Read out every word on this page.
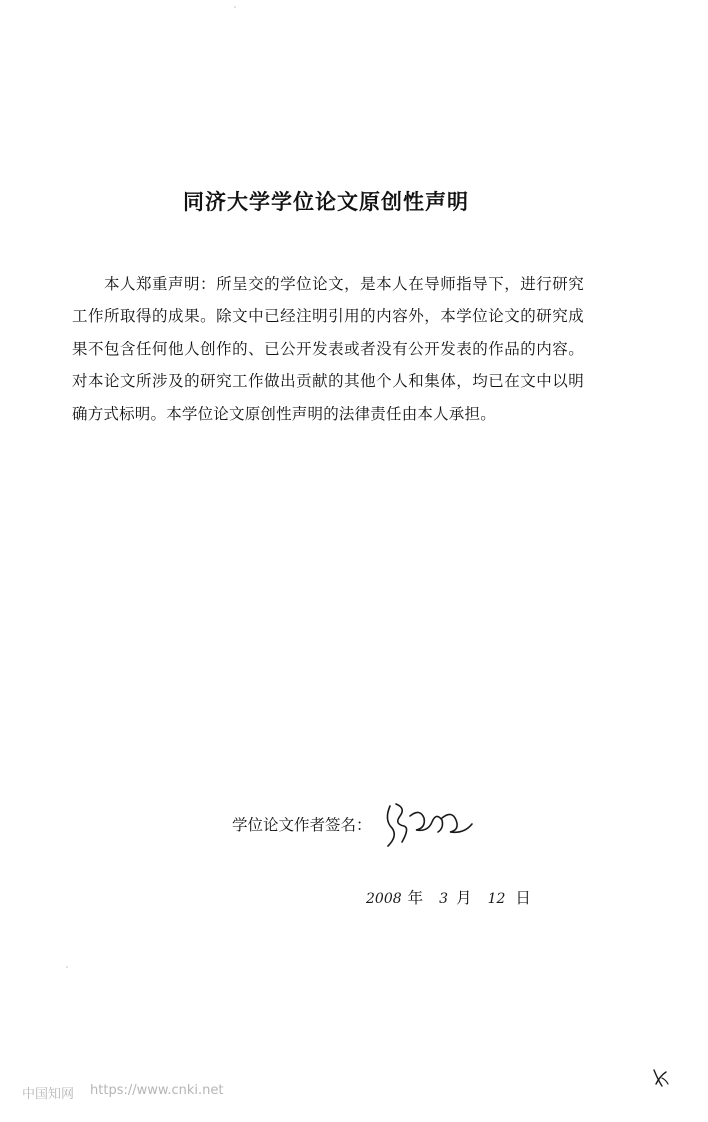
同济大学学位论文原创性声明

本人郑重声明：所呈交的学位论文，是本人在导师指导下，进行研究工作所取得的成果。除文中已经注明引用的内容外，本学位论文的研究成果不包含任何他人创作的、已公开发表或者没有公开发表的作品的内容。对本论文所涉及的研究工作做出贡献的其他个人和集体，均已在文中以明确方式标明。本学位论文原创性声明的法律责任由本人承担。

学位论文作者签名：
2008 年 3 月 12 日
中国知网 https://www.cnki.net
